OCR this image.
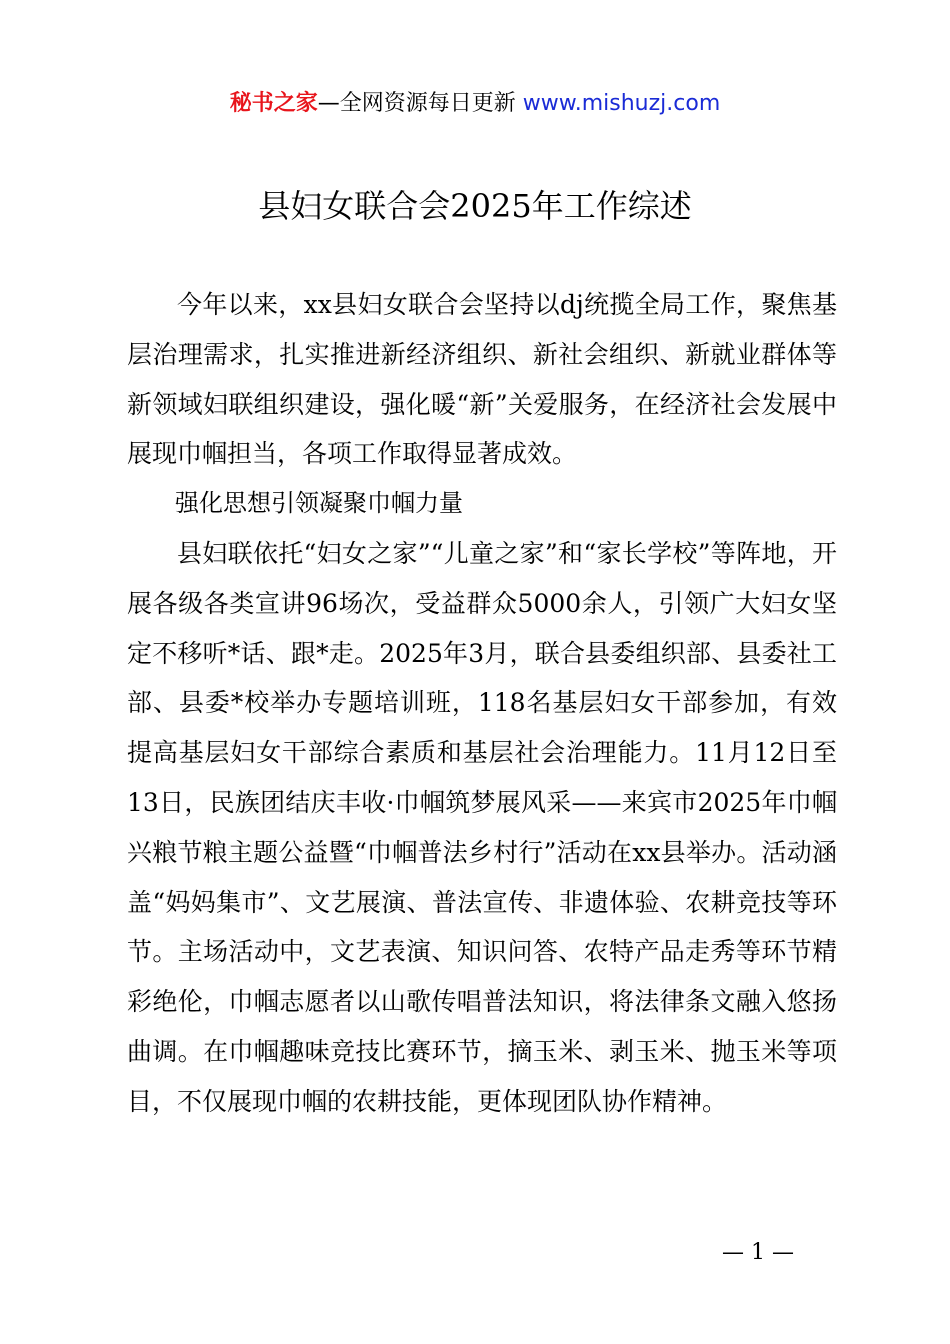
秘书之家—全网资源每日更新 www.mishuzj.com
县妇女联合会2025年工作综述

今年以来，xx县妇女联合会坚持以dj统揽全局工作，聚焦基层治理需求，扎实推进新经济组织、新社会组织、新就业群体等新领域妇联组织建设，强化暖“新”关爱服务，在经济社会发展中展现巾帼担当，各项工作取得显著成效。

强化思想引领凝聚巾帼力量

县妇联依托“妇女之家”“儿童之家”和“家长学校”等阵地，开展各级各类宣讲96场次，受益群众5000余人，引领广大妇女坚定不移听*话、跟*走。2025年3月，联合县委组织部、县委社工部、县委*校举办专题培训班，118名基层妇女干部参加，有效提高基层妇女干部综合素质和基层社会治理能力。11月12日至13日，民族团结庆丰收·巾帼筑梦展风采——来宾市2025年巾帼兴粮节粮主题公益暨“巾帼普法乡村行”活动在xx县举办。活动涵盖“妈妈集市”、文艺展演、普法宣传、非遗体验、农耕竞技等环节。主场活动中，文艺表演、知识问答、农特产品走秀等环节精彩绝伦，巾帼志愿者以山歌传唱普法知识，将法律条文融入悠扬曲调。在巾帼趣味竞技比赛环节，摘玉米、剥玉米、抛玉米等项目，不仅展现巾帼的农耕技能，更体现团队协作精神。

— 1 —
